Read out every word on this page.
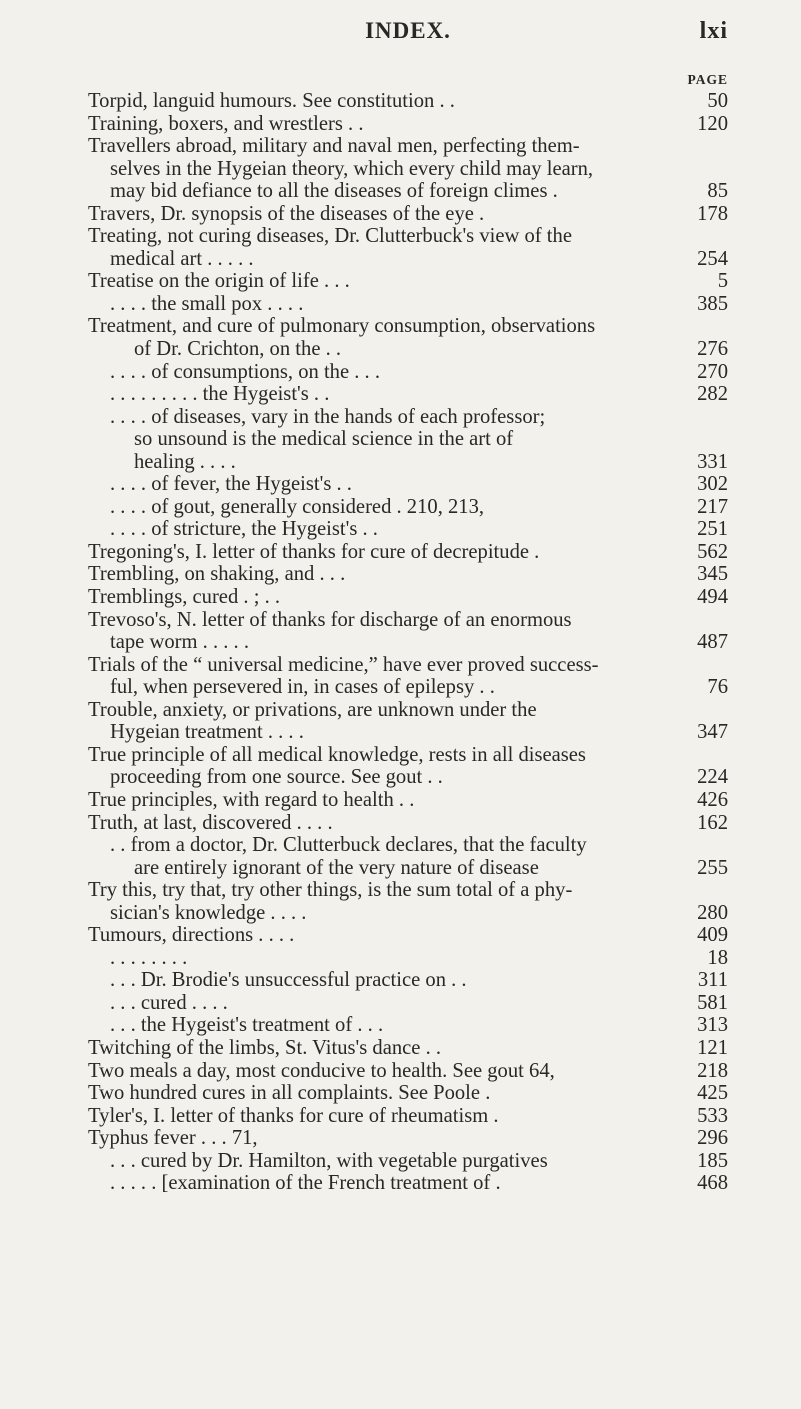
INDEX.	lxi
PAGE
Torpid, languid humours. See constitution . .	50
Training, boxers, and wrestlers . .	120
Travellers abroad, military and naval men, perfecting them-
selves in the Hygeian theory, which every child may learn,
may bid defiance to all the diseases of foreign climes .	85
Travers, Dr. synopsis of the diseases of the eye .	178
Treating, not curing diseases, Dr. Clutterbuck's view of the
medical art . . . . .	254
Treatise on the origin of life . . .	5
. . . . the small pox . . . .	385
Treatment, and cure of pulmonary consumption, observations
of Dr. Crichton, on the . .	276
. . . . of consumptions, on the . . .	270
. . . . . . . . . the Hygeist's . .	282
. . . . of diseases, vary in the hands of each professor;
so unsound is the medical science in the art of
healing . . . .	331
. . . . of fever, the Hygeist's . .	302
. . . . of gout, generally considered . 210, 213,	217
. . . . of stricture, the Hygeist's . .	251
Tregoning's, I. letter of thanks for cure of decrepitude .	562
Trembling, on shaking, and . . .	345
Tremblings, cured . ; . .	494
Trevoso's, N. letter of thanks for discharge of an enormous
tape worm . . . . .	487
Trials of the “ universal medicine,” have ever proved success-
ful, when persevered in, in cases of epilepsy . .	76
Trouble, anxiety, or privations, are unknown under the
Hygeian treatment . . . .	347
True principle of all medical knowledge, rests in all diseases
proceeding from one source. See gout . .	224
True principles, with regard to health . .	426
Truth, at last, discovered . . . .	162
. . from a doctor, Dr. Clutterbuck declares, that the faculty
are entirely ignorant of the very nature of disease	255
Try this, try that, try other things, is the sum total of a phy-
sician's knowledge . . . .	280
Tumours, directions . . . .	409
. . . . . . . .	18
. . . Dr. Brodie's unsuccessful practice on . .	311
. . . cured . . . .	581
. . . the Hygeist's treatment of . . .	313
Twitching of the limbs, St. Vitus's dance . .	121
Two meals a day, most conducive to health. See gout 64,	218
Two hundred cures in all complaints. See Poole .	425
Tyler's, I. letter of thanks for cure of rheumatism .	533
Typhus fever . . . 71,	296
. . . cured by Dr. Hamilton, with vegetable purgatives	185
. . . . . [examination of the French treatment of .	468
